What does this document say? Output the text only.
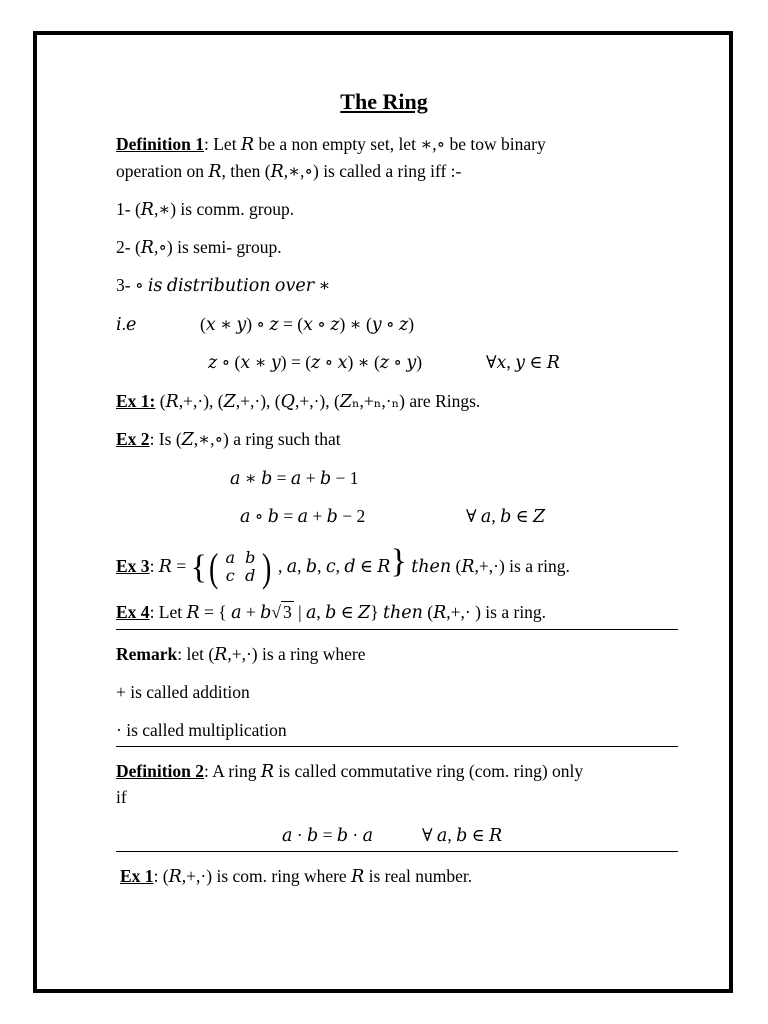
The Ring
Definition 1: Let 𝑅 be a non empty set, let ∗,∘ be tow binary
operation on 𝑅, then (𝑅,∗,∘) is called a ring iff :-
1- (𝑅,∗) is comm. group.
2- (𝑅,∘) is semi- group.
3- ∘ 𝑖𝑠 𝑑𝑖𝑠𝑡𝑟𝑖𝑏𝑢𝑡𝑖𝑜𝑛 𝑜𝑣𝑒𝑟 ∗
𝑖.𝑒	(𝑥 ∗ 𝑦) ∘ 𝑧 = (𝑥 ∘ 𝑧) ∗ (𝑦 ∘ 𝑧)
𝑧 ∘ (𝑥 ∗ 𝑦) = (𝑧 ∘ 𝑥) ∗ (𝑧 ∘ 𝑦)	∀𝑥, 𝑦 ∈ 𝑅
Ex 1: (𝑅,+,·), (𝑍,+,·), (𝑄,+,·), (𝑍ₙ,+ₙ,·ₙ) are Rings.
Ex 2: Is (𝑍,∗,∘) a ring such that
𝑎 ∗ 𝑏 = 𝑎 + 𝑏 − 1
𝑎 ∘ 𝑏 = 𝑎 + 𝑏 − 2	∀ 𝑎, 𝑏 ∈ 𝑍
Ex 3: 𝑅 = { ( 𝑎 𝑏
𝑐 𝑑 ) , 𝑎, 𝑏, 𝑐, 𝑑 ∈ 𝑅} 𝑡ℎ𝑒𝑛 (𝑅,+,·) is a ring.
Ex 4: Let 𝑅 = { 𝑎 + 𝑏√ 3 | 𝑎, 𝑏 ∈ 𝑍} 𝑡ℎ𝑒𝑛 (𝑅,+,· ) is a ring.
Remark: let (𝑅,+,·) is a ring where
+ is called addition
· is called multiplication
Definition 2: A ring 𝑅 is called commutative ring (com. ring) only
if
𝑎 · 𝑏 = 𝑏 · 𝑎	∀ 𝑎, 𝑏 ∈ 𝑅
Ex 1: (𝑅,+,·) is com. ring where 𝑅 is real number.
